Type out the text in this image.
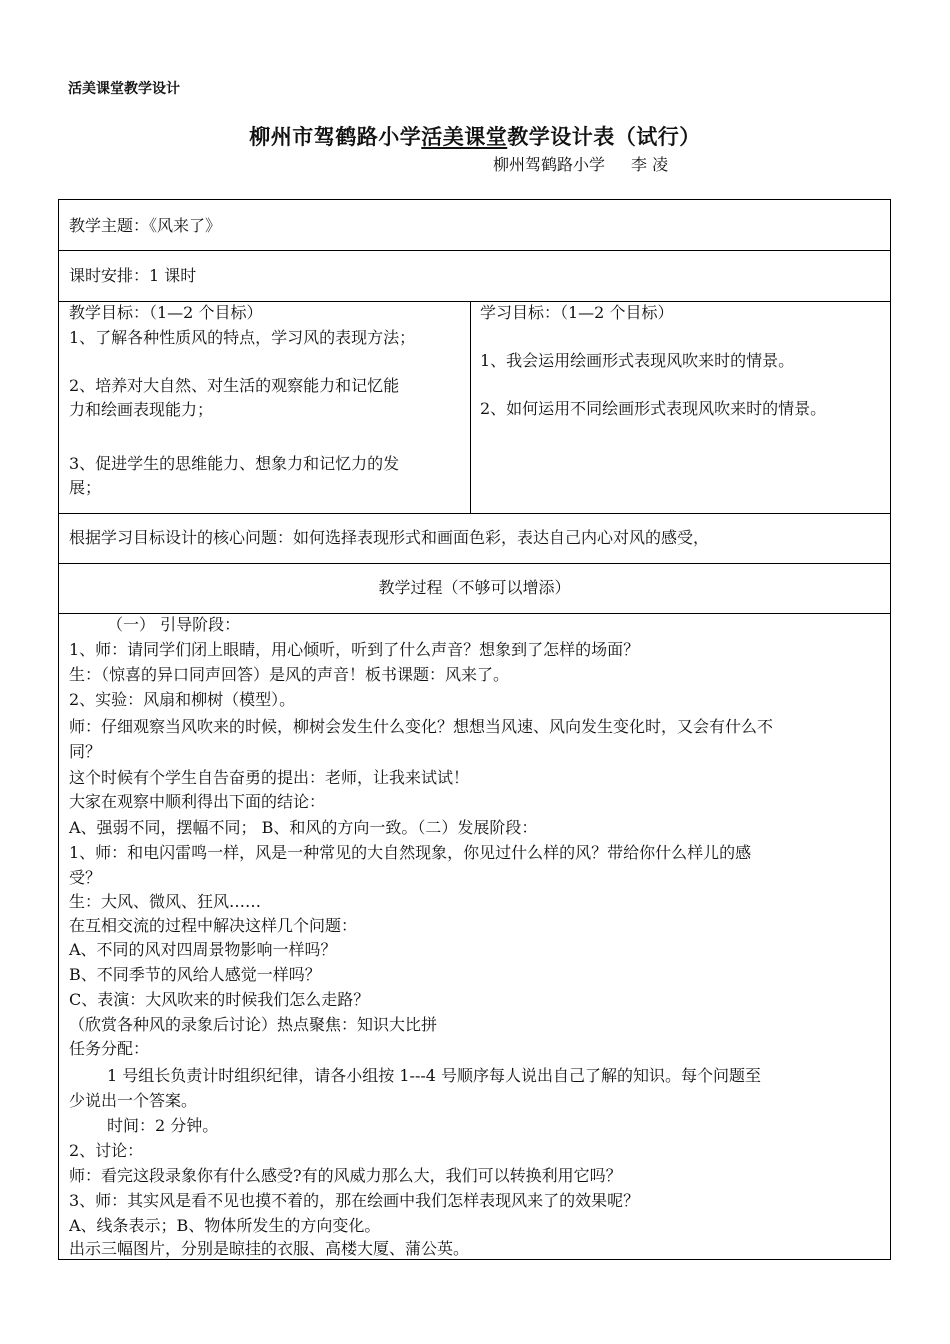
活美课堂教学设计
柳州市驾鹤路小学活美课堂教学设计表（试行）
柳州驾鹤路小学 李 凌
教学主题：《风来了》
课时安排：1 课时
教学目标：（1—2 个目标）
1、了解各种性质风的特点，学习风的表现方法；
2、培养对大自然、对生活的观察能力和记忆能
力和绘画表现能力；
3、促进学生的思维能力、想象力和记忆力的发
展；
学习目标：（1—2 个目标）
1、我会运用绘画形式表现风吹来时的情景。
2、如何运用不同绘画形式表现风吹来时的情景。
根据学习目标设计的核心问题：如何选择表现形式和画面色彩，表达自己内心对风的感受，
教学过程（不够可以增添）
（一） 引导阶段：
1、师：请同学们闭上眼睛，用心倾听，听到了什么声音？想象到了怎样的场面？
生：（惊喜的异口同声回答）是风的声音！板书课题：风来了。
2、实验：风扇和柳树（模型）。
师：仔细观察当风吹来的时候，柳树会发生什么变化？想想当风速、风向发生变化时，又会有什么不
同？
这个时候有个学生自告奋勇的提出：老师，让我来试试！
大家在观察中顺利得出下面的结论：
A、强弱不同，摆幅不同； B、和风的方向一致。（二）发展阶段：
1、师：和电闪雷鸣一样，风是一种常见的大自然现象，你见过什么样的风？带给你什么样儿的感
受？
生：大风、微风、狂风……
在互相交流的过程中解决这样几个问题：
A、不同的风对四周景物影响一样吗？
B、不同季节的风给人感觉一样吗？
C、表演：大风吹来的时候我们怎么走路？
（欣赏各种风的录象后讨论）热点聚焦：知识大比拼
任务分配：
1 号组长负责计时组织纪律，请各小组按 1---4 号顺序每人说出自己了解的知识。每个问题至
少说出一个答案。
时间：2 分钟。
2、讨论：
师：看完这段录象你有什么感受?有的风威力那么大，我们可以转换利用它吗？
3、师：其实风是看不见也摸不着的，那在绘画中我们怎样表现风来了的效果呢？
A、线条表示；B、物体所发生的方向变化。
出示三幅图片，分别是晾挂的衣服、高楼大厦、蒲公英。
